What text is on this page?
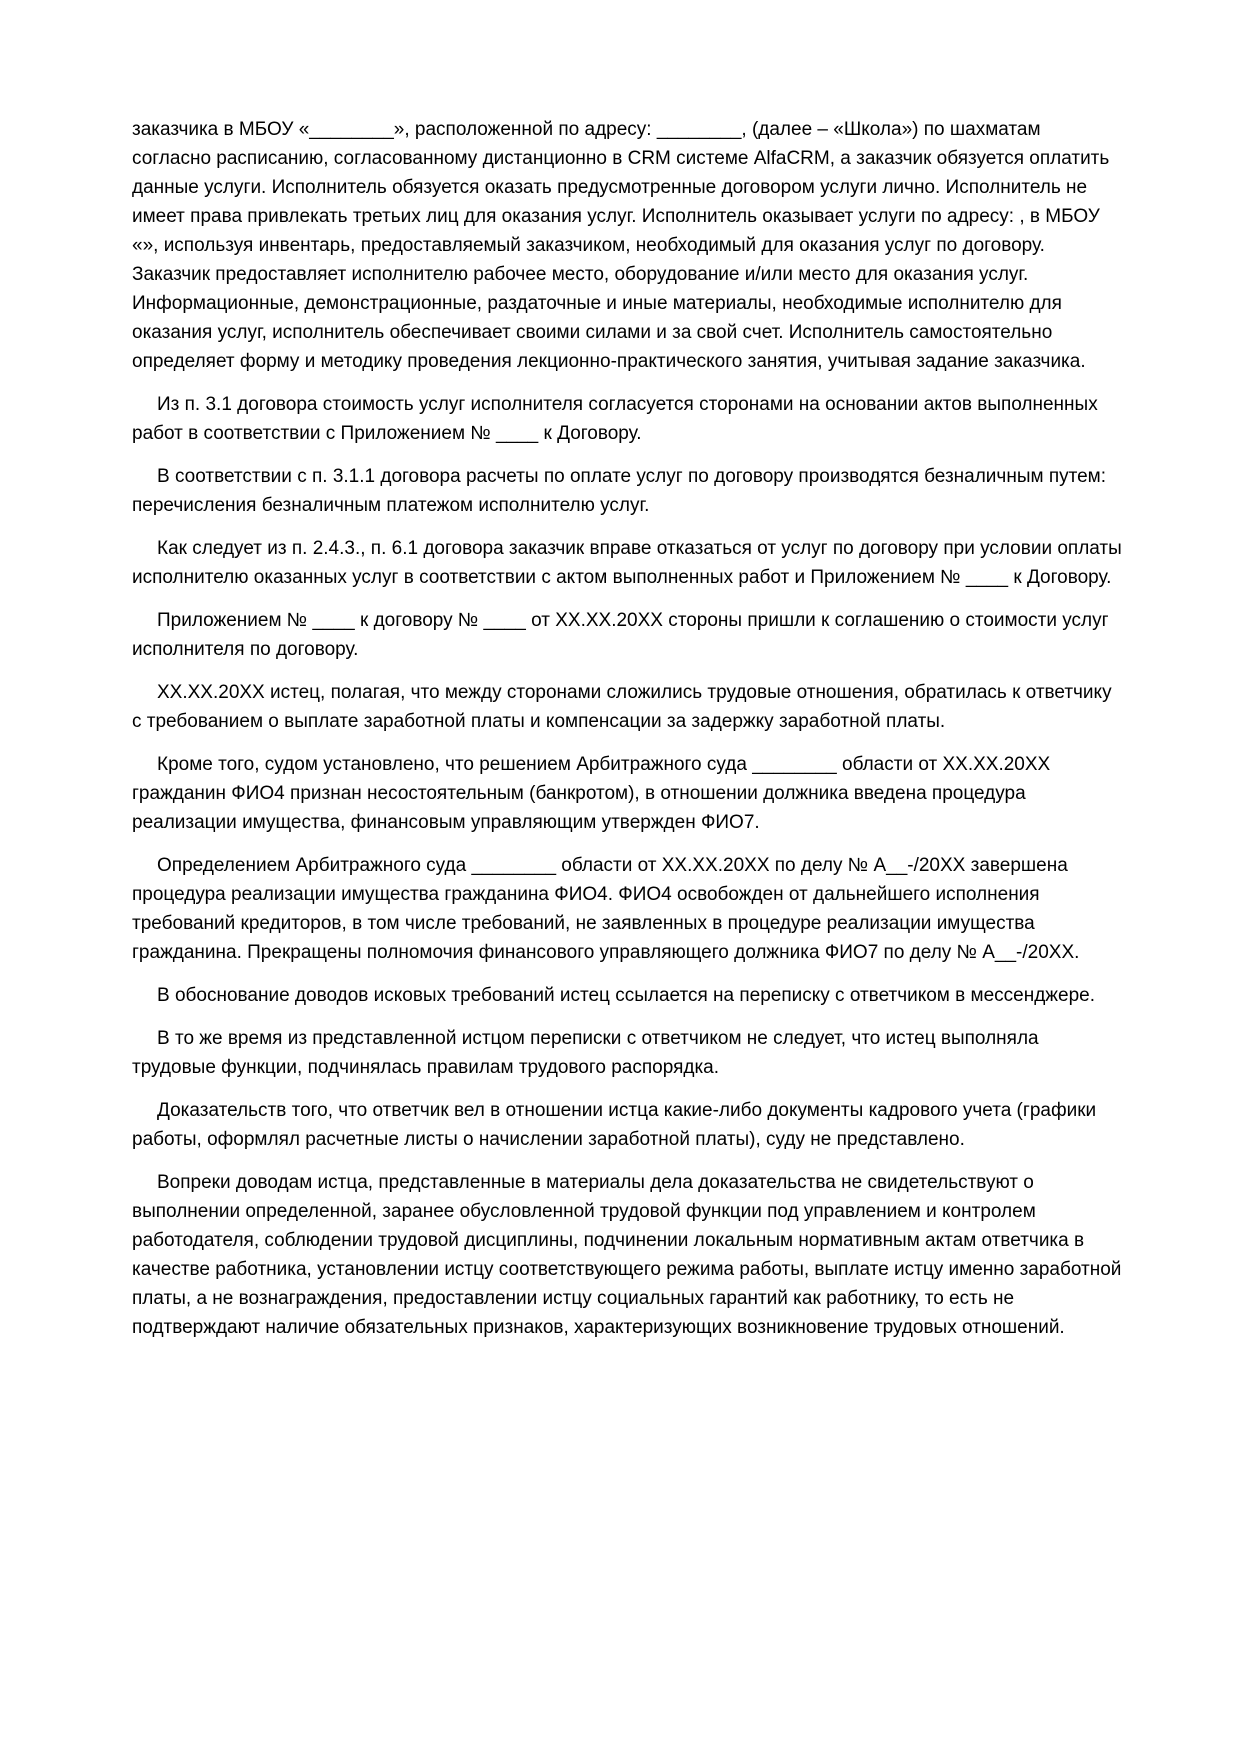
заказчика в МБОУ «________», расположенной по адресу: ________, (далее – «Школа») по шахматам согласно расписанию, согласованному дистанционно в CRM системе AlfaCRM, а заказчик обязуется оплатить данные услуги. Исполнитель обязуется оказать предусмотренные договором услуги лично. Исполнитель не имеет права привлекать третьих лиц для оказания услуг. Исполнитель оказывает услуги по адресу: , в МБОУ «», используя инвентарь, предоставляемый заказчиком, необходимый для оказания услуг по договору. Заказчик предоставляет исполнителю рабочее место, оборудование и/или место для оказания услуг. Информационные, демонстрационные, раздаточные и иные материалы, необходимые исполнителю для оказания услуг, исполнитель обеспечивает своими силами и за свой счет. Исполнитель самостоятельно определяет форму и методику проведения лекционно-практического занятия, учитывая задание заказчика.

Из п. 3.1 договора стоимость услуг исполнителя согласуется сторонами на основании актов выполненных работ в соответствии с Приложением № ____ к Договору.

В соответствии с п. 3.1.1 договора расчеты по оплате услуг по договору производятся безналичным путем: перечисления безналичным платежом исполнителю услуг.

Как следует из п. 2.4.3., п. 6.1 договора заказчик вправе отказаться от услуг по договору при условии оплаты исполнителю оказанных услуг в соответствии с актом выполненных работ и Приложением № ____ к Договору.

Приложением № ____ к договору № ____ от XX.XX.20XX стороны пришли к соглашению о стоимости услуг исполнителя по договору.

XX.XX.20XX истец, полагая, что между сторонами сложились трудовые отношения, обратилась к ответчику с требованием о выплате заработной платы и компенсации за задержку заработной платы.

Кроме того, судом установлено, что решением Арбитражного суда ________ области от XX.XX.20XX гражданин ФИО4 признан несостоятельным (банкротом), в отношении должника введена процедура реализации имущества, финансовым управляющим утвержден ФИО7.

Определением Арбитражного суда ________ области от XX.XX.20XX по делу № А__-/20XX завершена процедура реализации имущества гражданина ФИО4. ФИО4 освобожден от дальнейшего исполнения требований кредиторов, в том числе требований, не заявленных в процедуре реализации имущества гражданина. Прекращены полномочия финансового управляющего должника ФИО7 по делу № А__-/20XX.

В обоснование доводов исковых требований истец ссылается на переписку с ответчиком в мессенджере.

В то же время из представленной истцом переписки с ответчиком не следует, что истец выполняла трудовые функции, подчинялась правилам трудового распорядка.

Доказательств того, что ответчик вел в отношении истца какие-либо документы кадрового учета (графики работы, оформлял расчетные листы о начислении заработной платы), суду не представлено.

Вопреки доводам истца, представленные в материалы дела доказательства не свидетельствуют о выполнении определенной, заранее обусловленной трудовой функции под управлением и контролем работодателя, соблюдении трудовой дисциплины, подчинении локальным нормативным актам ответчика в качестве работника, установлении истцу соответствующего режима работы, выплате истцу именно заработной платы, а не вознаграждения, предоставлении истцу социальных гарантий как работнику, то есть не подтверждают наличие обязательных признаков, характеризующих возникновение трудовых отношений.
